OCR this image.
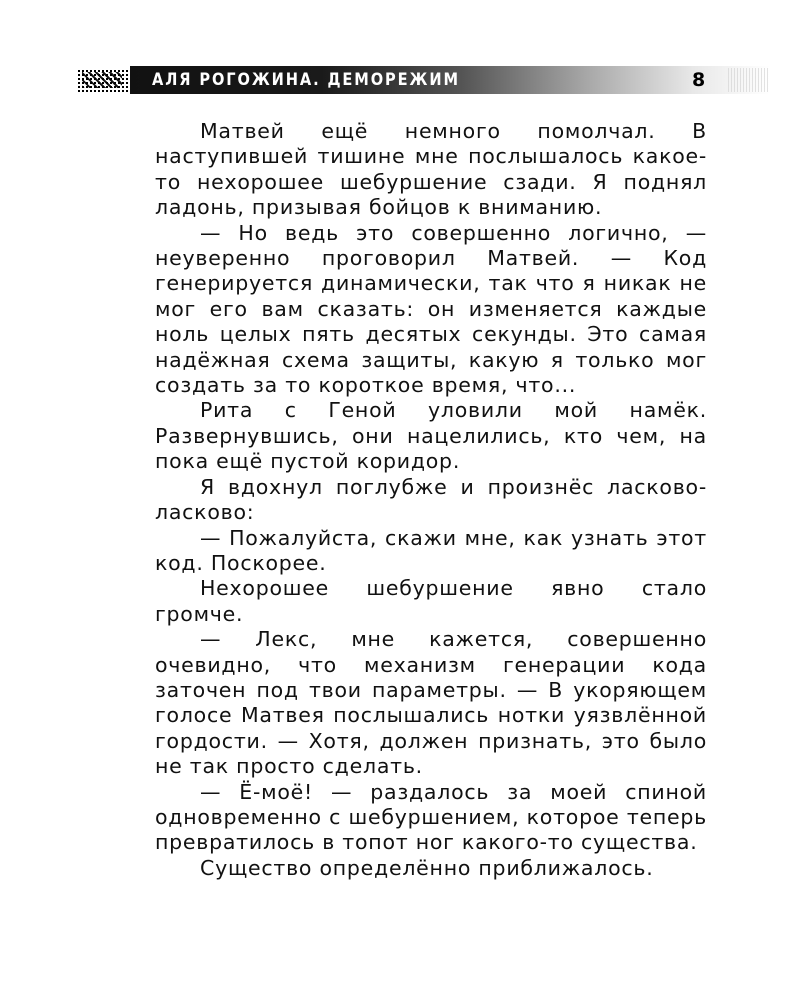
АЛЯ РОГОЖИНА. ДЕМОРЕЖИМ	8

Матвей ещё немного помолчал. В наступившей тишине мне послышалось какое-то нехорошее шебуршение сзади. Я поднял ладонь, призывая бойцов к вниманию.

— Но ведь это совершенно логично, — неуверенно проговорил Матвей. — Код генерируется динамически, так что я никак не мог его вам сказать: он изменяется каждые ноль целых пять десятых секунды. Это самая надёжная схема защиты, какую я только мог создать за то короткое время, что...

Рита с Геной уловили мой намёк. Развернувшись, они нацелились, кто чем, на пока ещё пустой коридор.

Я вдохнул поглубже и произнёс ласково-ласково:

— Пожалуйста, скажи мне, как узнать этот код. Поскорее.

Нехорошее шебуршение явно стало громче.

— Лекс, мне кажется, совершенно очевидно, что механизм генерации кода заточен под твои параметры. — В укоряющем голосе Матвея послышались нотки уязвлённой гордости. — Хотя, должен признать, это было не так просто сделать.

— Ё-моё! — раздалось за моей спиной одновременно с шебуршением, которое теперь превратилось в топот ног какого-то существа.

Существо определённо приближалось.
